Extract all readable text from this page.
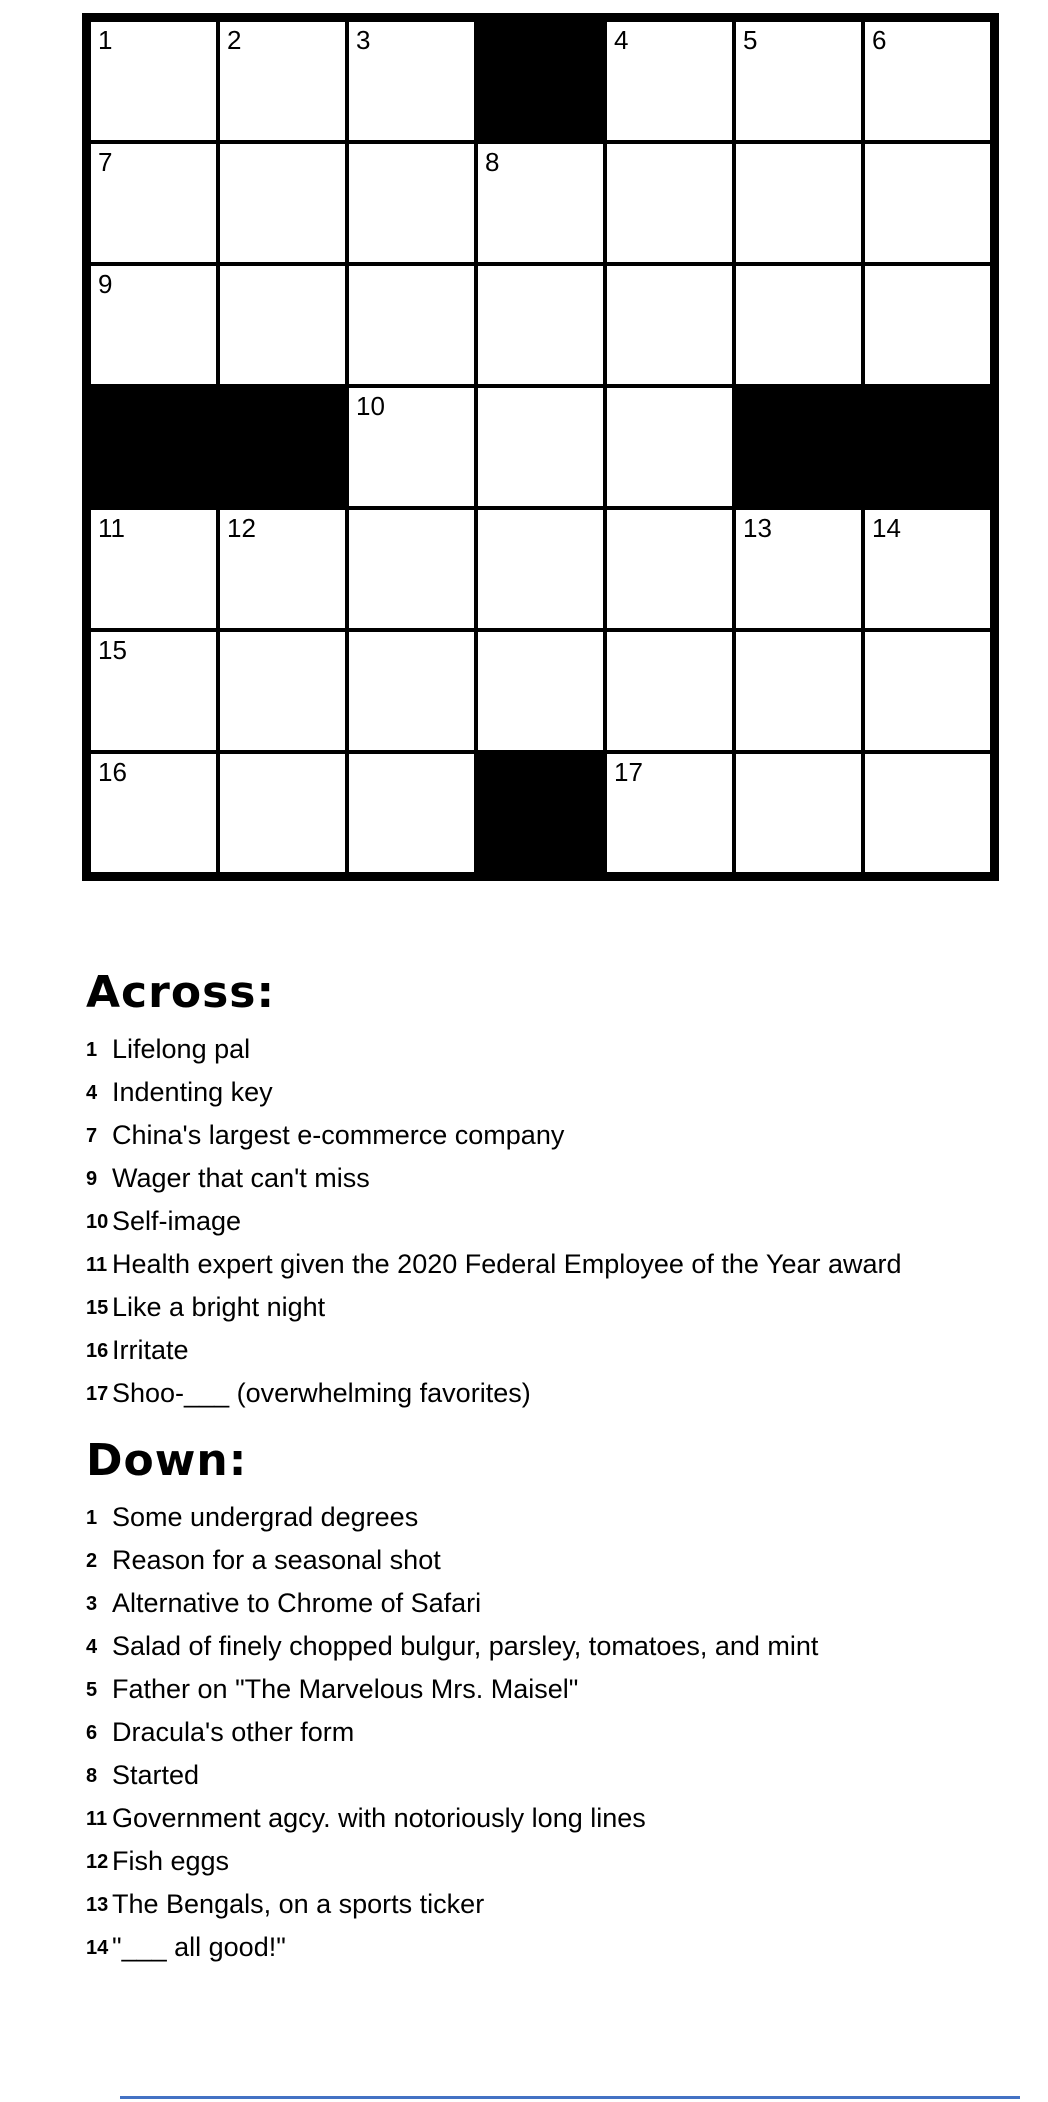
1	2	3	4	5	6
7	8
9
10
11	12	13	14
15
16	17
Across:
1 Lifelong pal
4 Indenting key
7 China's largest e-commerce company
9 Wager that can't miss
10 Self-image
11 Health expert given the 2020 Federal Employee of the Year award
15 Like a bright night
16 Irritate
17 Shoo-___ (overwhelming favorites)
Down:
1 Some undergrad degrees
2 Reason for a seasonal shot
3 Alternative to Chrome of Safari
4 Salad of finely chopped bulgur, parsley, tomatoes, and mint
5 Father on "The Marvelous Mrs. Maisel"
6 Dracula's other form
8 Started
11 Government agcy. with notoriously long lines
12 Fish eggs
13 The Bengals, on a sports ticker
14 "___ all good!"
